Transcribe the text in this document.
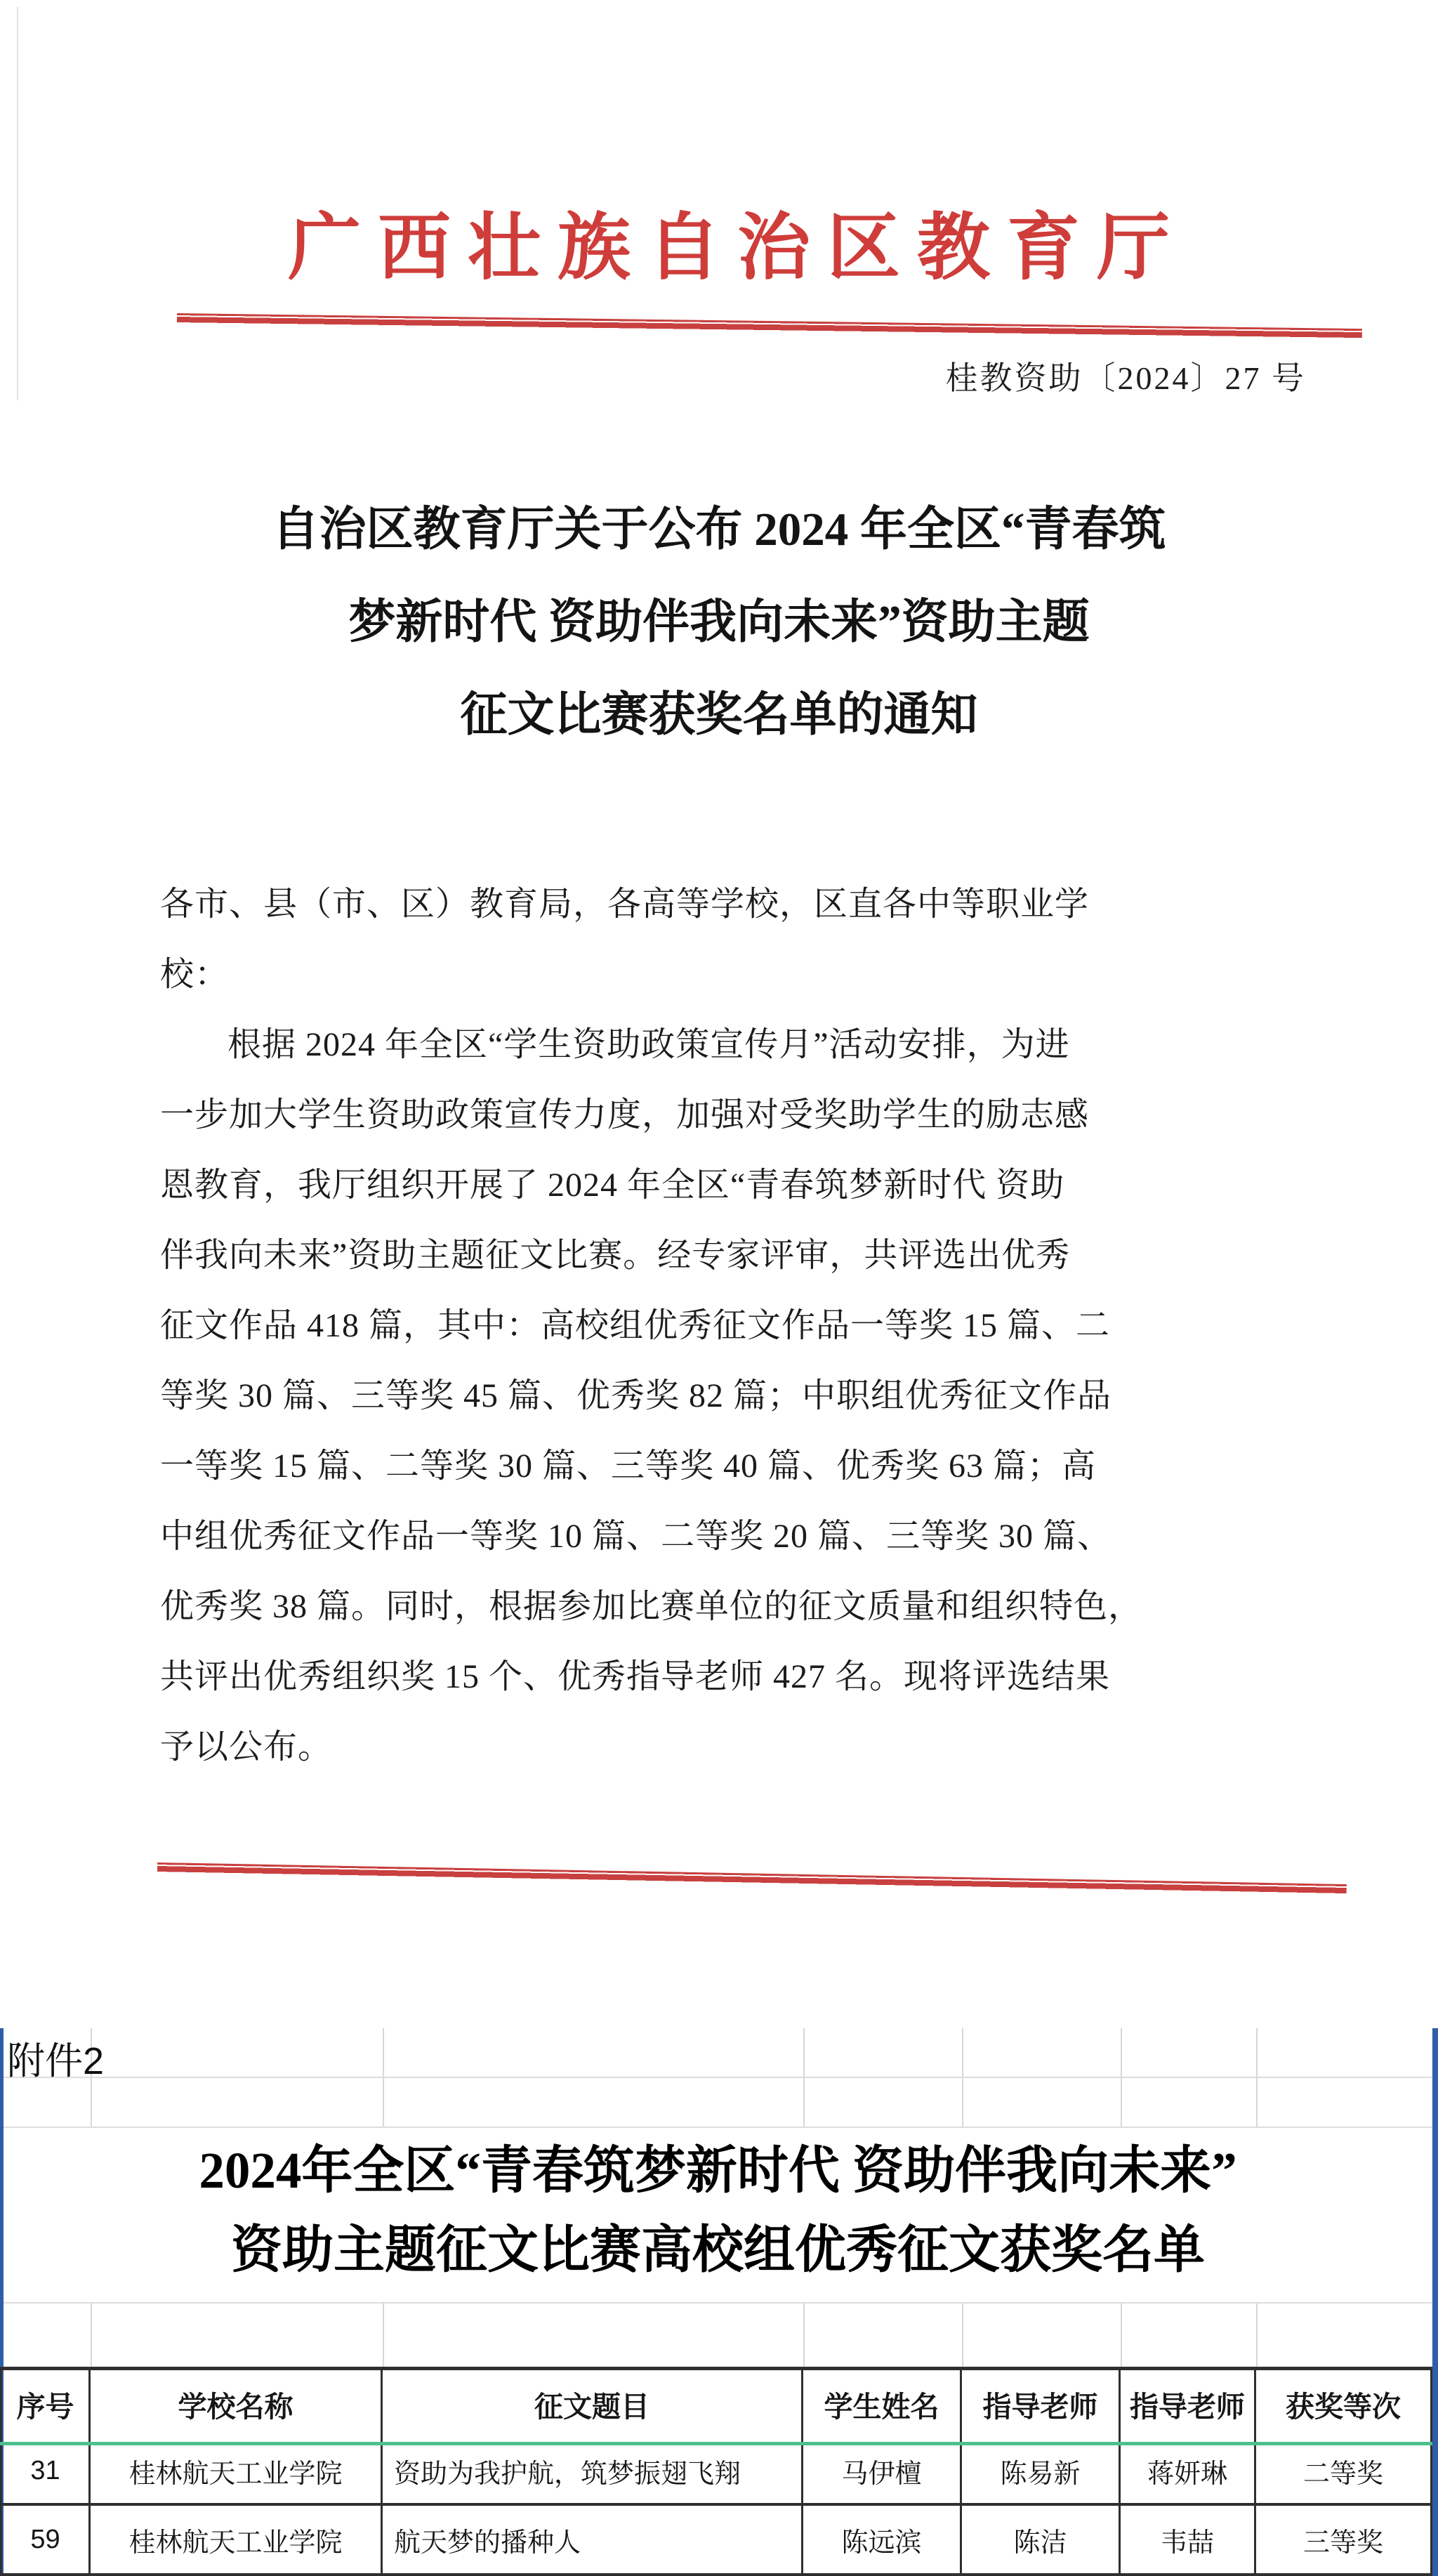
广西壮族自治区教育厅
桂教资助〔2024〕27 号
自治区教育厅关于公布 2024 年全区“青春筑
梦新时代 资助伴我向未来”资助主题
征文比赛获奖名单的通知
各市、县（市、区）教育局，各高等学校，区直各中等职业学
校：
根据 2024 年全区“学生资助政策宣传月”活动安排，为进
一步加大学生资助政策宣传力度，加强对受奖助学生的励志感
恩教育，我厅组织开展了 2024 年全区“青春筑梦新时代 资助
伴我向未来”资助主题征文比赛。经专家评审，共评选出优秀
征文作品 418 篇，其中：高校组优秀征文作品一等奖 15 篇、二
等奖 30 篇、三等奖 45 篇、优秀奖 82 篇；中职组优秀征文作品
一等奖 15 篇、二等奖 30 篇、三等奖 40 篇、优秀奖 63 篇；高
中组优秀征文作品一等奖 10 篇、二等奖 20 篇、三等奖 30 篇、
优秀奖 38 篇。同时，根据参加比赛单位的征文质量和组织特色，
共评出优秀组织奖 15 个、优秀指导老师 427 名。现将评选结果
予以公布。
附件2
2024年全区“青春筑梦新时代 资助伴我向未来”
资助主题征文比赛高校组优秀征文获奖名单
序号	学校名称	征文题目	学生姓名	指导老师	指导老师	获奖等次
31	桂林航天工业学院	资助为我护航，筑梦振翅飞翔	马伊檀	陈易新	蒋妍琳	二等奖
59	桂林航天工业学院	航天梦的播种人	陈远滨	陈洁	韦喆	三等奖
